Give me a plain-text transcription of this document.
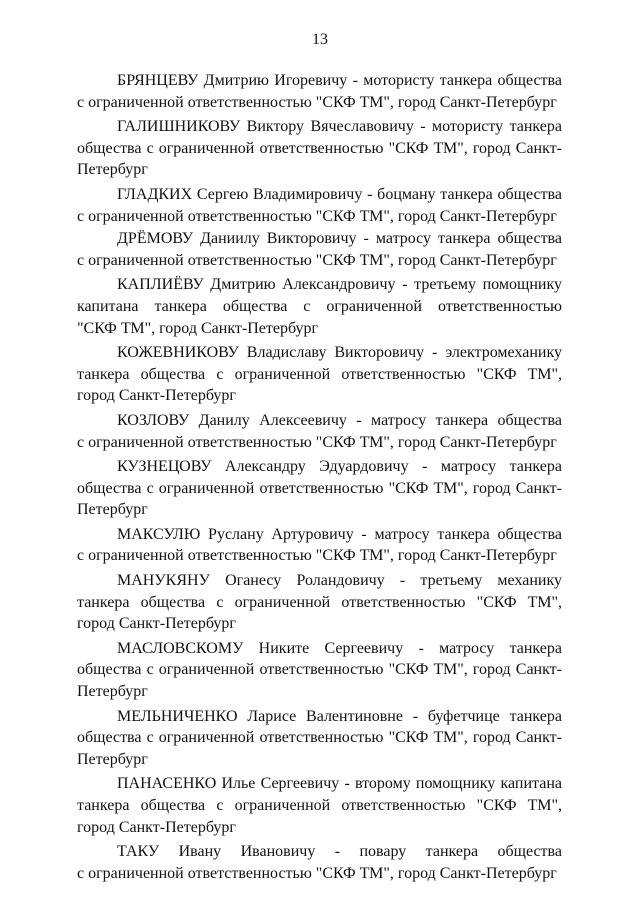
13
БРЯНЦЕВУ Дмитрию Игоревичу - мотористу танкера общества
с ограниченной ответственностью "СКФ ТМ", город Санкт-Петербург
ГАЛИШНИКОВУ Виктору Вячеславовичу - мотористу танкера
общества с ограниченной ответственностью "СКФ ТМ", город Санкт-
Петербург
ГЛАДКИХ Сергею Владимировичу - боцману танкера общества
с ограниченной ответственностью "СКФ ТМ", город Санкт-Петербург
ДРЁМОВУ Даниилу Викторовичу - матросу танкера общества
с ограниченной ответственностью "СКФ ТМ", город Санкт-Петербург
КАПЛИЁВУ Дмитрию Александровичу - третьему помощнику
капитана танкера общества с ограниченной ответственностью
"СКФ ТМ", город Санкт-Петербург
КОЖЕВНИКОВУ Владиславу Викторовичу - электромеханику
танкера общества с ограниченной ответственностью "СКФ ТМ",
город Санкт-Петербург
КОЗЛОВУ Данилу Алексеевичу - матросу танкера общества
с ограниченной ответственностью "СКФ ТМ", город Санкт-Петербург
КУЗНЕЦОВУ Александру Эдуардовичу - матросу танкера
общества с ограниченной ответственностью "СКФ ТМ", город Санкт-
Петербург
МАКСУЛЮ Руслану Артуровичу - матросу танкера общества
с ограниченной ответственностью "СКФ ТМ", город Санкт-Петербург
МАНУКЯНУ Оганесу Роландовичу - третьему механику
танкера общества с ограниченной ответственностью "СКФ ТМ",
город Санкт-Петербург
МАСЛОВСКОМУ Никите Сергеевичу - матросу танкера
общества с ограниченной ответственностью "СКФ ТМ", город Санкт-
Петербург
МЕЛЬНИЧЕНКО Ларисе Валентиновне - буфетчице танкера
общества с ограниченной ответственностью "СКФ ТМ", город Санкт-
Петербург
ПАНАСЕНКО Илье Сергеевичу - второму помощнику капитана
танкера общества с ограниченной ответственностью "СКФ ТМ",
город Санкт-Петербург
ТАКУ Ивану Ивановичу - повару танкера общества
с ограниченной ответственностью "СКФ ТМ", город Санкт-Петербург
